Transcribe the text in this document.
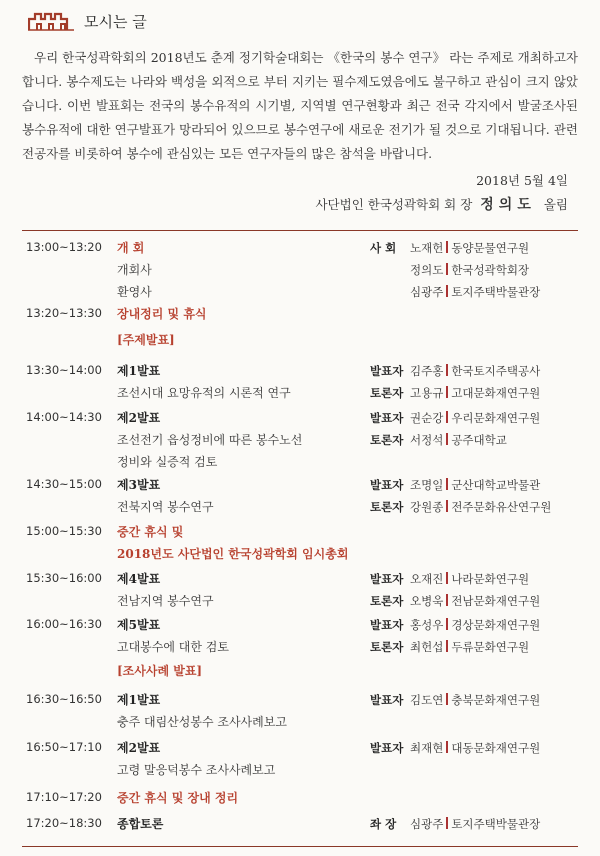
모시는 글
우리 한국성곽학회의 2018년도 춘계 정기학술대회는 《한국의 봉수 연구》 라는 주제로 개최하고자 합니다. 봉수제도는 나라와 백성을 외적으로 부터 지키는 필수제도였음에도 불구하고 관심이 크지 않았습니다. 이번 발표회는 전국의 봉수유적의 시기별, 지역별 연구현황과 최근 전국 각지에서 발굴조사된 봉수유적에 대한 연구발표가 망라되어 있으므로 봉수연구에 새로운 전기가 될 것으로 기대됩니다. 관련 전공자를 비롯하여 봉수에 관심있는 모든 연구자들의 많은 참석을 바랍니다.
2018년 5월 4일
사단법인 한국성곽학회 회 장 정의도 올림
13:00~13:20 개 회
개회사
환영사
사 회 노재헌 동양문물연구원
정의도 한국성곽학회장
심광주 토지주택박물관장
13:20~13:30 장내정리 및 휴식
[주제발표]
13:30~14:00 제1발표
조선시대 요망유적의 시론적 연구
발표자 김주홍 한국토지주택공사
토론자 고용규 고대문화재연구원
14:00~14:30 제2발표
조선전기 읍성정비에 따른 봉수노선
정비와 실증적 검토
발표자 권순강 우리문화재연구원
토론자 서정석 공주대학교
14:30~15:00 제3발표
전북지역 봉수연구
발표자 조명일 군산대학교박물관
토론자 강원종 전주문화유산연구원
15:00~15:30 중간 휴식 및
2018년도 사단법인 한국성곽학회 임시총회
15:30~16:00 제4발표
전남지역 봉수연구
발표자 오재진 나라문화연구원
토론자 오병욱 전남문화재연구원
16:00~16:30 제5발표
고대봉수에 대한 검토
발표자 홍성우 경상문화재연구원
토론자 최헌섭 두류문화연구원
[조사사례 발표]
16:30~16:50 제1발표
충주 대림산성봉수 조사사례보고
발표자 김도연 충북문화재연구원
16:50~17:10 제2발표
고령 말응덕봉수 조사사례보고
발표자 최재현 대동문화재연구원
17:10~17:20 중간 휴식 및 장내 정리
17:20~18:30 종합토론	좌 장 심광주 토지주택박물관장
